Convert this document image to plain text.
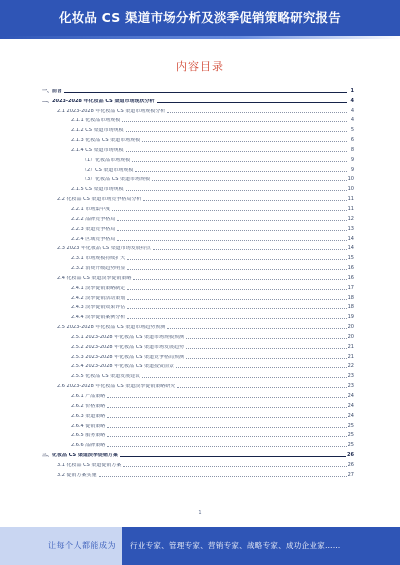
化妆品 CS 渠道市场分析及淡季促销策略研究报告
内容目录
一、前言	1
二、2023-2028 年化妆品 CS 渠道市场现状分析	4
2.1 2023-2028 年化妆品 CS 渠道市场规模分析	4
2.1.1 化妆品市场规模	4
2.1.2 CS 渠道市场规模	5
2.1.3 化妆品 CS 渠道市场规模	6
2.1.4 CS 渠道市场规模	8
（1）化妆品市场规模	9
（2）CS 渠道市场规模	9
（3）化妆品 CS 渠道市场规模	10
2.1.5 CS 渠道市场规模	10
2.2 化妆品 CS 渠道市场竞争格局分析	11
2.2.1 市场集中度	11
2.2.2 品牌竞争格局	12
2.2.3 渠道竞争格局	13
2.2.4 区域竞争格局	14
2.3 2023 年化妆品 CS 渠道市场发展特点	14
2.3.1 市场规模持续扩大	15
2.3.2 消费升级趋势明显	16
2.4 化妆品 CS 渠道淡季促销策略	16
2.4.1 淡季促销策略制定	17
2.4.2 淡季促销活动策划	18
2.4.3 淡季促销效果评估	18
2.4.4 淡季促销案例分析	19
2.5 2023-2028 年化妆品 CS 渠道市场趋势预测	20
2.5.1 2023-2028 年化妆品 CS 渠道市场规模预测	20
2.5.2 2023-2028 年化妆品 CS 渠道市场发展趋势	21
2.5.3 2023-2028 年化妆品 CS 渠道竞争格局预测	21
2.5.4 2023-2028 年化妆品 CS 渠道投资前景	22
2.5.5 化妆品 CS 渠道发展建议	23
2.6 2023-2028 年化妆品 CS 渠道淡季促销策略研究	23
2.6.1 产品策略	24
2.6.2 价格策略	24
2.6.3 渠道策略	24
2.6.4 促销策略	25
2.6.5 服务策略	25
2.6.6 品牌策略	25
三、化妆品 CS 渠道淡季促销方案	26
3.1 化妆品 CS 渠道促销方案	26
3.2 促销方案实施	27
1
让每个人都能成为 行业专家、管理专家、营销专家、战略专家、成功企业家……
